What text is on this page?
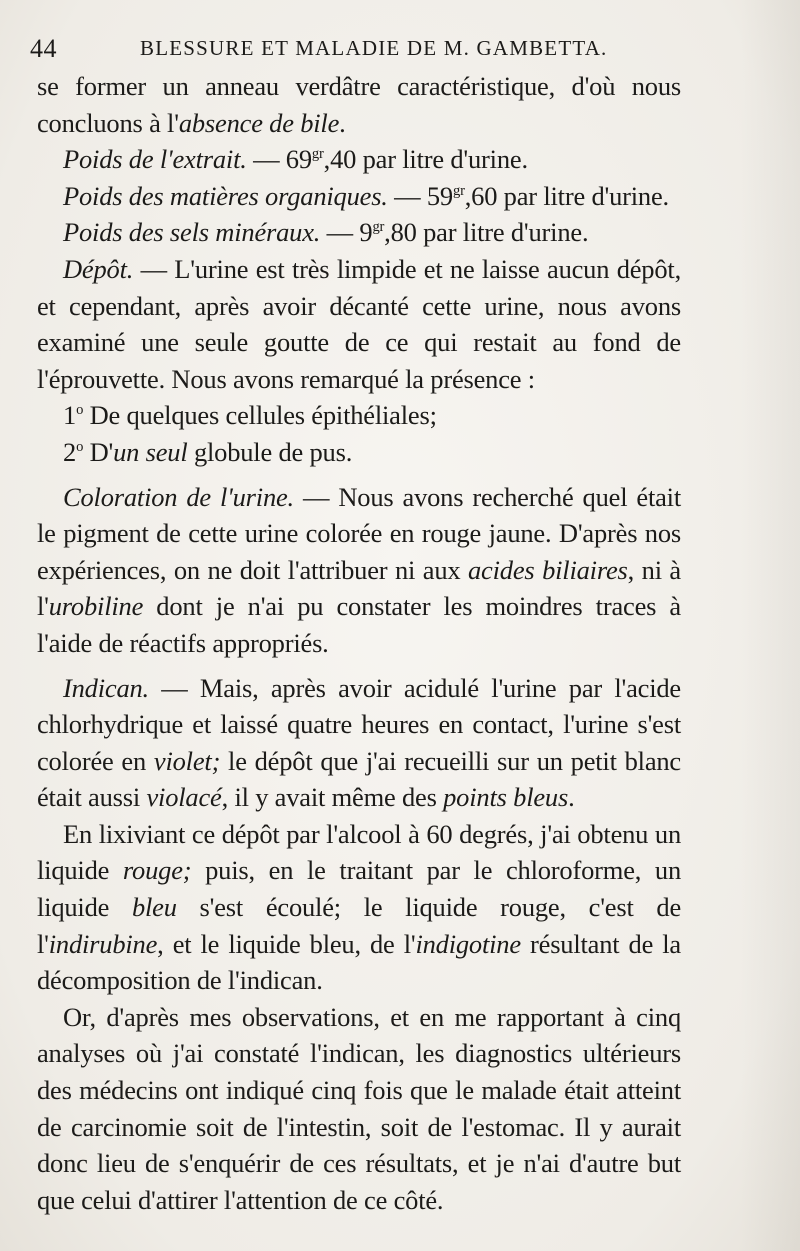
44	BLESSURE ET MALADIE DE M. GAMBETTA.

se former un anneau verdâtre caractéristique, d'où nous concluons à l'absence de bile.

Poids de l'extrait. — $69^{gr},40$ par litre d'urine.

Poids des matières organiques. — $59^{gr},60$ par litre d'urine.

Poids des sels minéraux. — $9^{gr},80$ par litre d'urine.

Dépôt. — L'urine est très limpide et ne laisse aucun dépôt, et cependant, après avoir décanté cette urine, nous avons examiné une seule goutte de ce qui restait au fond de l'éprouvette. Nous avons remarqué la présence :

1$^o$ De quelques cellules épithéliales;

2$^o$ D'un seul globule de pus.

Coloration de l'urine. — Nous avons recherché quel était le pigment de cette urine colorée en rouge jaune. D'après nos expériences, on ne doit l'attribuer ni aux acides biliaires, ni à l'urobiline dont je n'ai pu constater les moindres traces à l'aide de réactifs appropriés.

Indican. — Mais, après avoir acidulé l'urine par l'acide chlorhydrique et laissé quatre heures en contact, l'urine s'est colorée en violet; le dépôt que j'ai recueilli sur un petit blanc était aussi violacé, il y avait même des points bleus.

En lixiviant ce dépôt par l'alcool à 60 degrés, j'ai obtenu un liquide rouge; puis, en le traitant par le chloroforme, un liquide bleu s'est écoulé; le liquide rouge, c'est de l'indirubine, et le liquide bleu, de l'indigotine résultant de la décomposition de l'indican.

Or, d'après mes observations, et en me rapportant à cinq analyses où j'ai constaté l'indican, les diagnostics ultérieurs des médecins ont indiqué cinq fois que le malade était atteint de carcinomie soit de l'intestin, soit de l'estomac. Il y aurait donc lieu de s'enquérir de ces résultats, et je n'ai d'autre but que celui d'attirer l'attention de ce côté.
